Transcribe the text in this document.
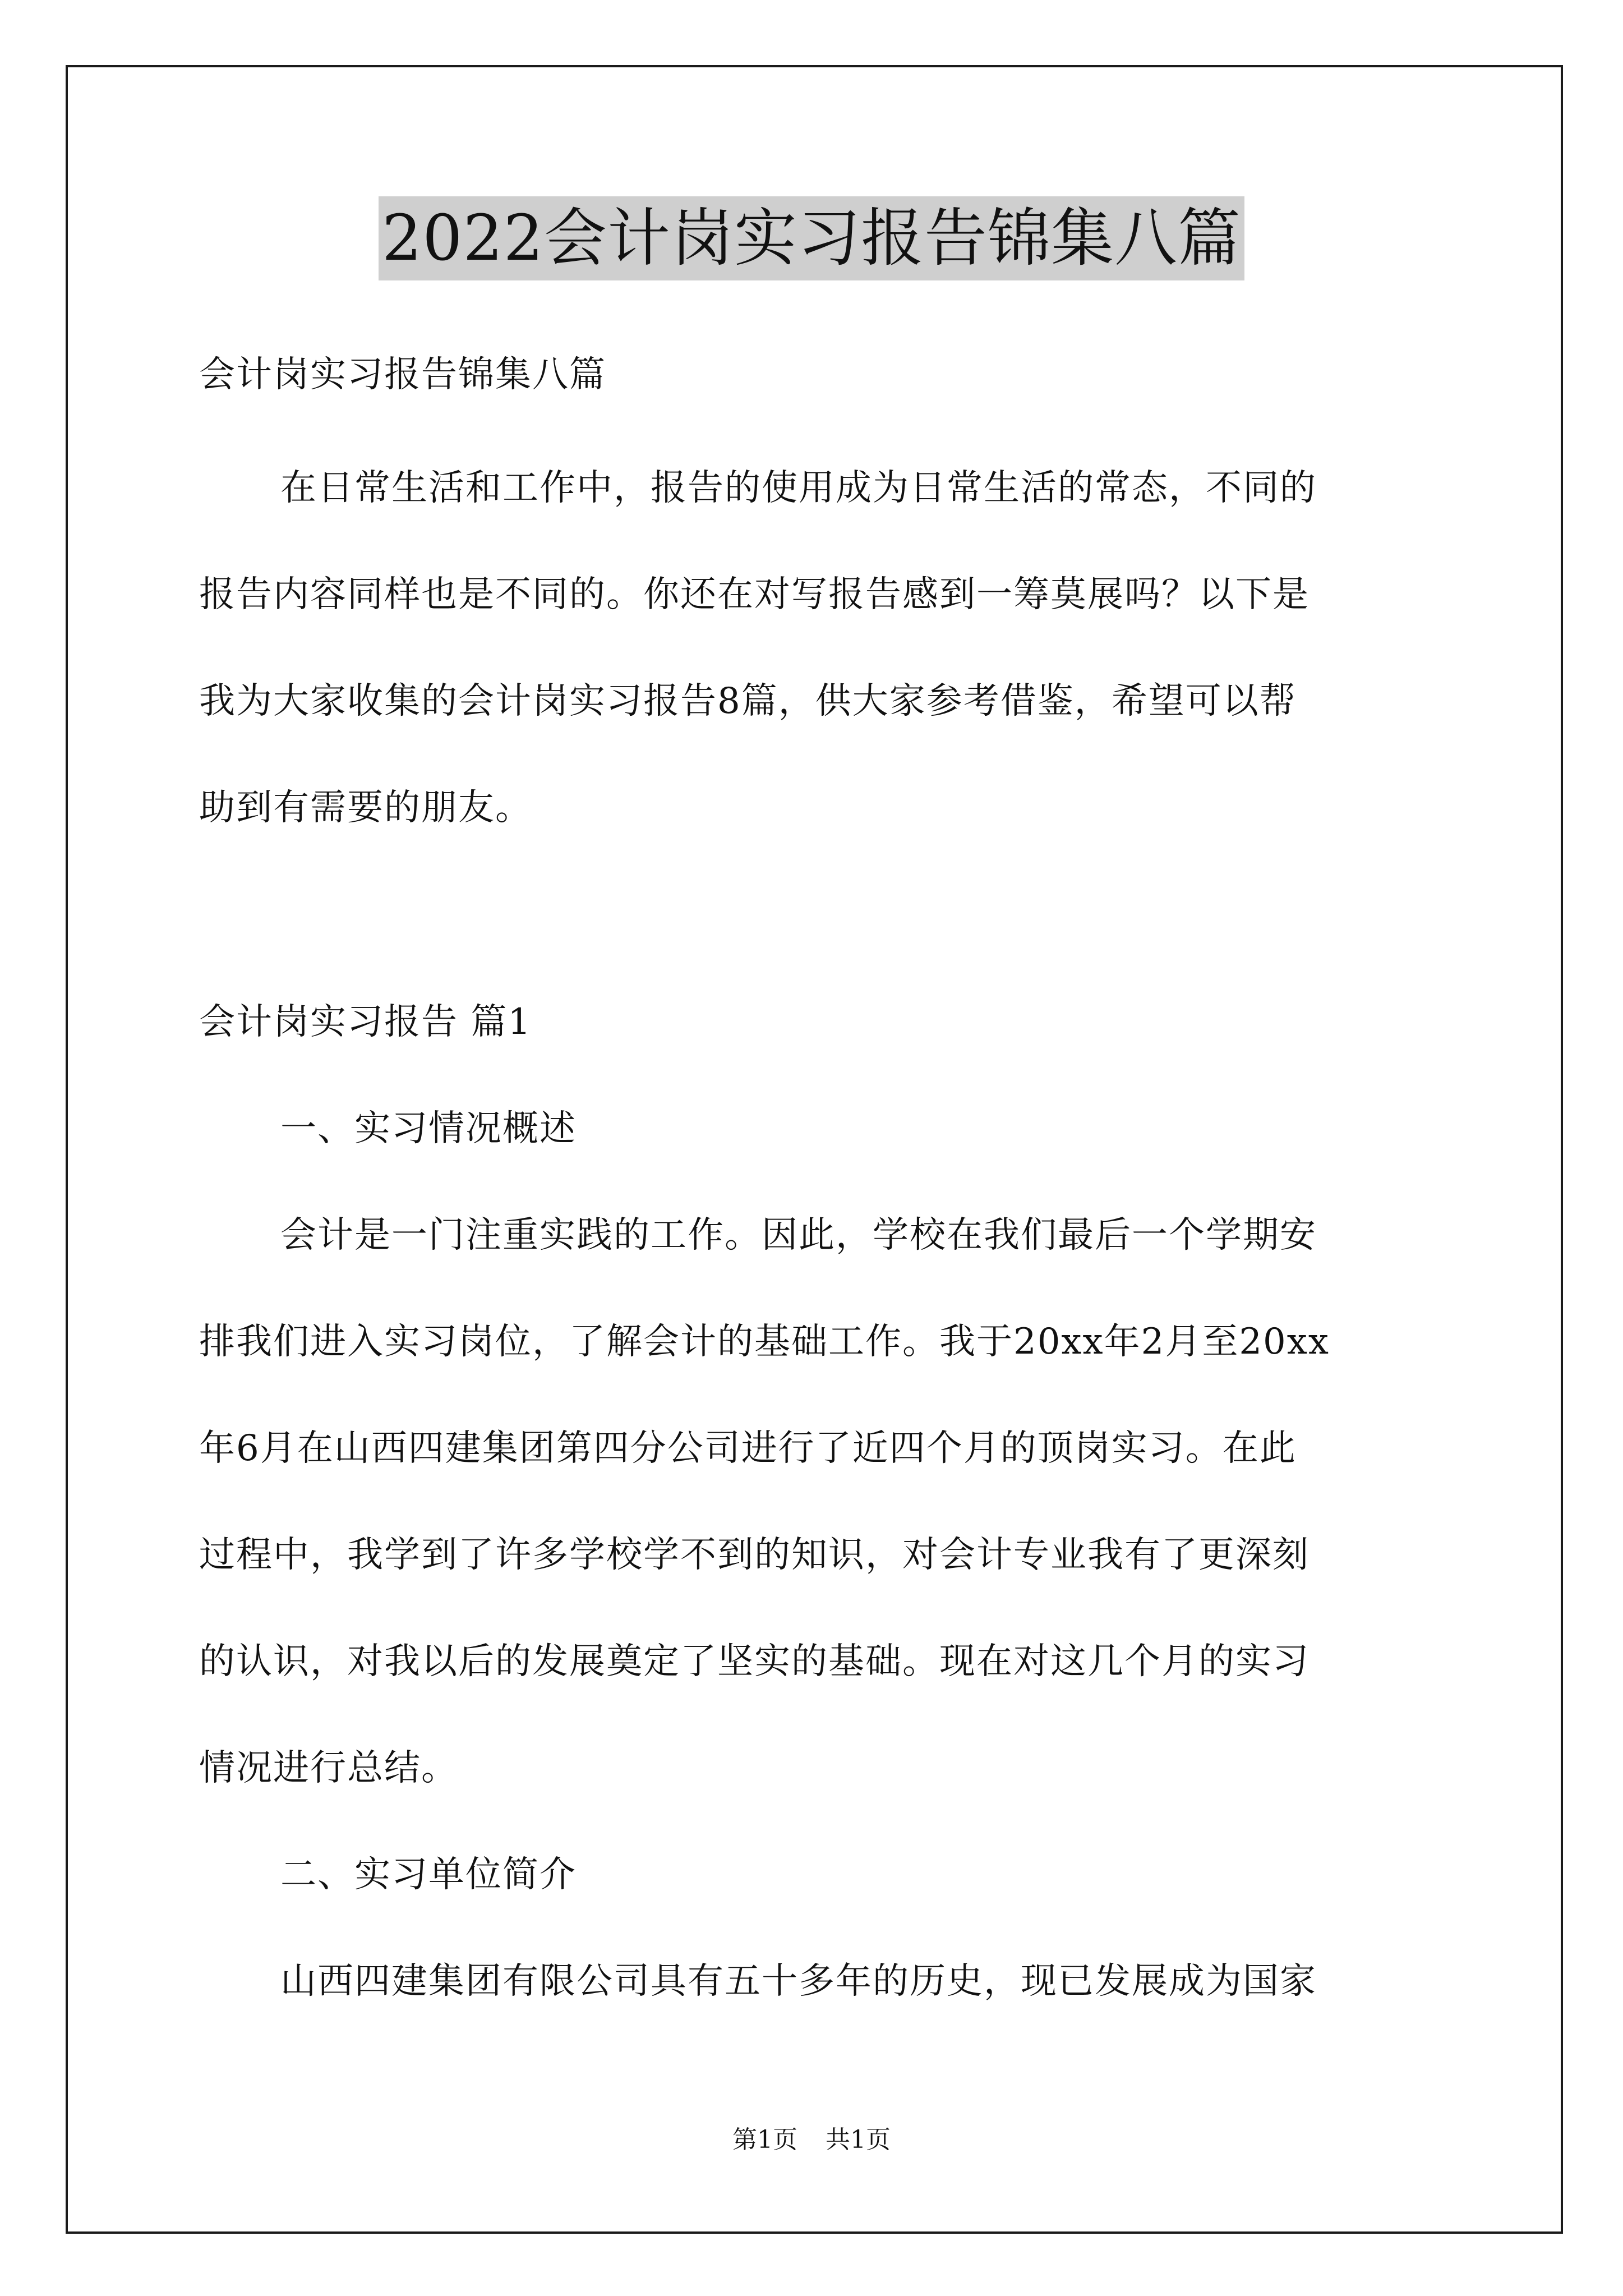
2022会计岗实习报告锦集八篇
会计岗实习报告锦集八篇
在日常生活和工作中，报告的使用成为日常生活的常态，不同的
报告内容同样也是不同的。你还在对写报告感到一筹莫展吗？以下是
我为大家收集的会计岗实习报告8篇，供大家参考借鉴，希望可以帮
助到有需要的朋友。
会计岗实习报告 篇1
一、实习情况概述
会计是一门注重实践的工作。因此，学校在我们最后一个学期安
排我们进入实习岗位，了解会计的基础工作。我于20xx年2月至20xx
年6月在山西四建集团第四分公司进行了近四个月的顶岗实习。在此
过程中，我学到了许多学校学不到的知识，对会计专业我有了更深刻
的认识，对我以后的发展奠定了坚实的基础。现在对这几个月的实习
情况进行总结。
二、实习单位简介
山西四建集团有限公司具有五十多年的历史，现已发展成为国家
第1页 共1页
